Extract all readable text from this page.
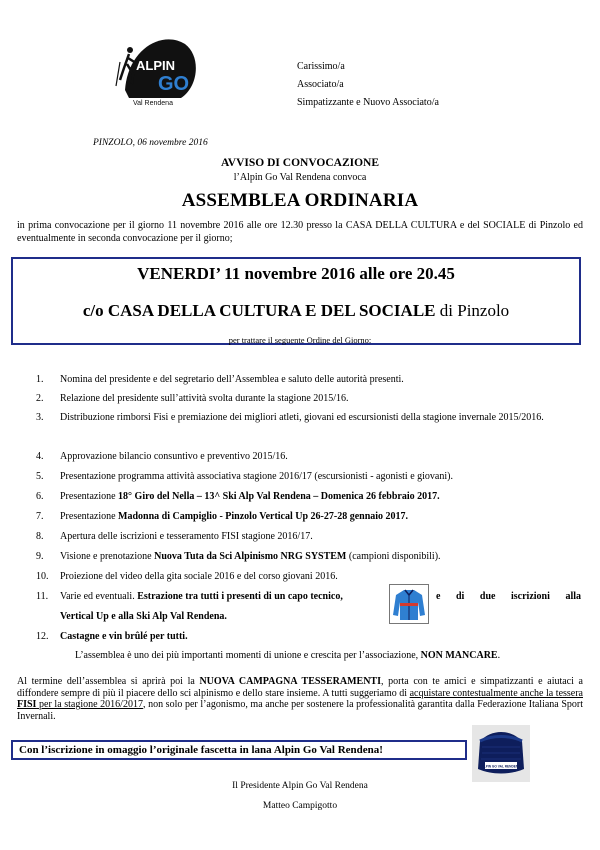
ALPIN
GO
Val Rendena
Carissimo/a
Associato/a
Simpatizzante e Nuovo Associato/a
PINZOLO, 06 novembre 2016
AVVISO DI CONVOCAZIONE
l’Alpin Go Val Rendena convoca
ASSEMBLEA ORDINARIA
in prima convocazione per il giorno 11 novembre 2016 alle ore 12.30 presso la CASA DELLA CULTURA e del SOCIALE di Pinzolo ed eventualmente in seconda convocazione per il giorno;
VENERDI’ 11 novembre 2016 alle ore 20.45
c/o CASA DELLA CULTURA E DEL SOCIALE di Pinzolo
per trattare il seguente Ordine del Giorno:
1.	Nomina del presidente e del segretario dell’Assemblea e saluto delle autorità presenti.
2.	Relazione del presidente sull’attività svolta durante la stagione 2015/16.
3.	Distribuzione rimborsi Fisi e premiazione dei migliori atleti, giovani ed escursionisti della stagione invernale 2015/2016.
4.	Approvazione bilancio consuntivo e preventivo 2015/16.
5.	Presentazione programma attività associativa stagione 2016/17 (escursionisti - agonisti e giovani).
6.	Presentazione 18° Giro del Nella – 13^ Ski Alp Val Rendena – Domenica 26 febbraio 2017.
7.	Presentazione Madonna di Campiglio - Pinzolo Vertical Up 26-27-28 gennaio 2017.
8.	Apertura delle iscrizioni e tesseramento FISI stagione 2016/17.
9.	Visione e prenotazione Nuova Tuta da Sci Alpinismo NRG SYSTEM (campioni disponibili).
10.	Proiezione del video della gita sociale 2016 e del corso giovani 2016.
11.	Varie ed eventuali. Estrazione tra tutti i presenti di un capo tecnico,	e di due iscrizioni alla
Vertical Up e alla Ski Alp Val Rendena.
12.	Castagne e vin brûlé per tutti.
L’assemblea è uno dei più importanti momenti di unione e crescita per l’associazione, NON MANCARE.
Al termine dell’assemblea si aprirà poi la NUOVA CAMPAGNA TESSERAMENTI, porta con te amici e simpatizzanti e aiutaci a diffondere sempre di più il piacere dello sci alpinismo e dello stare insieme. A tutti suggeriamo di acquistare contestualmente anche la tessera FISI per la stagione 2016/2017, non solo per l’agonismo, ma anche per sostenere la professionalità garantita dalla Federazione Italiana Sport Invernali.
Con l’iscrizione in omaggio l’originale fascetta in lana Alpin Go Val Rendena!
ALPIN GO VAL RENDENA
Il Presidente Alpin Go Val Rendena
Matteo Campigotto
